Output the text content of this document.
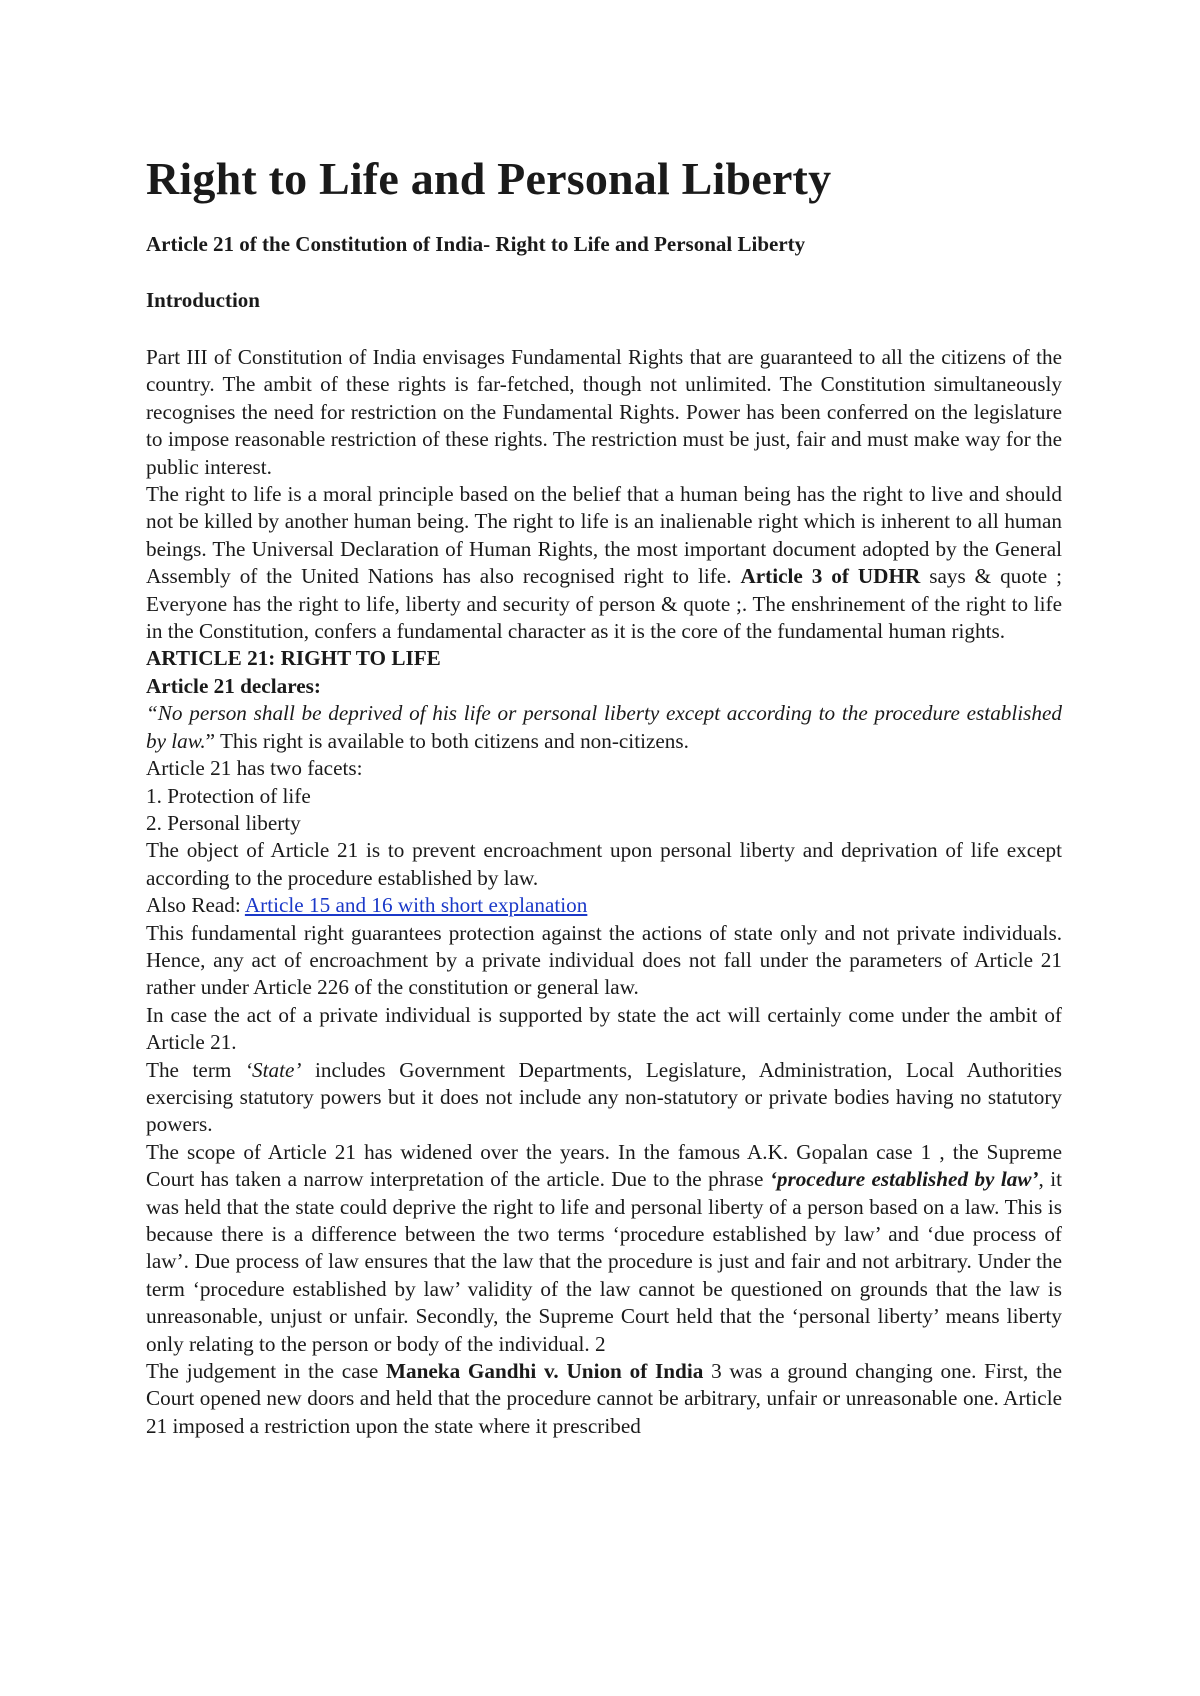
Right to Life and Personal Liberty
Article 21 of the Constitution of India- Right to Life and Personal Liberty
Introduction

Part III of Constitution of India envisages Fundamental Rights that are guaranteed to all the citizens of the country. The ambit of these rights is far-fetched, though not unlimited. The Constitution simultaneously recognises the need for restriction on the Fundamental Rights. Power has been conferred on the legislature to impose reasonable restriction of these rights. The restriction must be just, fair and must make way for the public interest.

The right to life is a moral principle based on the belief that a human being has the right to live and should not be killed by another human being. The right to life is an inalienable right which is inherent to all human beings. The Universal Declaration of Human Rights, the most important document adopted by the General Assembly of the United Nations has also recognised right to life. Article 3 of UDHR says & quote ; Everyone has the right to life, liberty and security of person & quote ;. The enshrinement of the right to life in the Constitution, confers a fundamental character as it is the core of the fundamental human rights.

ARTICLE 21: RIGHT TO LIFE

Article 21 declares:

“No person shall be deprived of his life or personal liberty except according to the procedure established by law.” This right is available to both citizens and non-citizens.

Article 21 has two facets:

1. Protection of life

2. Personal liberty

The object of Article 21 is to prevent encroachment upon personal liberty and deprivation of life except according to the procedure established by law.

Also Read: Article 15 and 16 with short explanation

This fundamental right guarantees protection against the actions of state only and not private individuals. Hence, any act of encroachment by a private individual does not fall under the parameters of Article 21 rather under Article 226 of the constitution or general law.

In case the act of a private individual is supported by state the act will certainly come under the ambit of Article 21.

The term ‘State’ includes Government Departments, Legislature, Administration, Local Authorities exercising statutory powers but it does not include any non-statutory or private bodies having no statutory powers.

The scope of Article 21 has widened over the years. In the famous A.K. Gopalan case 1 , the Supreme Court has taken a narrow interpretation of the article. Due to the phrase ‘procedure established by law’, it was held that the state could deprive the right to life and personal liberty of a person based on a law. This is because there is a difference between the two terms ‘procedure established by law’ and ‘due process of law’. Due process of law ensures that the law that the procedure is just and fair and not arbitrary. Under the term ‘procedure established by law’ validity of the law cannot be questioned on grounds that the law is unreasonable, unjust or unfair. Secondly, the Supreme Court held that the ‘personal liberty’ means liberty only relating to the person or body of the individual. 2

The judgement in the case Maneka Gandhi v. Union of India 3 was a ground changing one. First, the Court opened new doors and held that the procedure cannot be arbitrary, unfair or unreasonable one. Article 21 imposed a restriction upon the state where it prescribed
